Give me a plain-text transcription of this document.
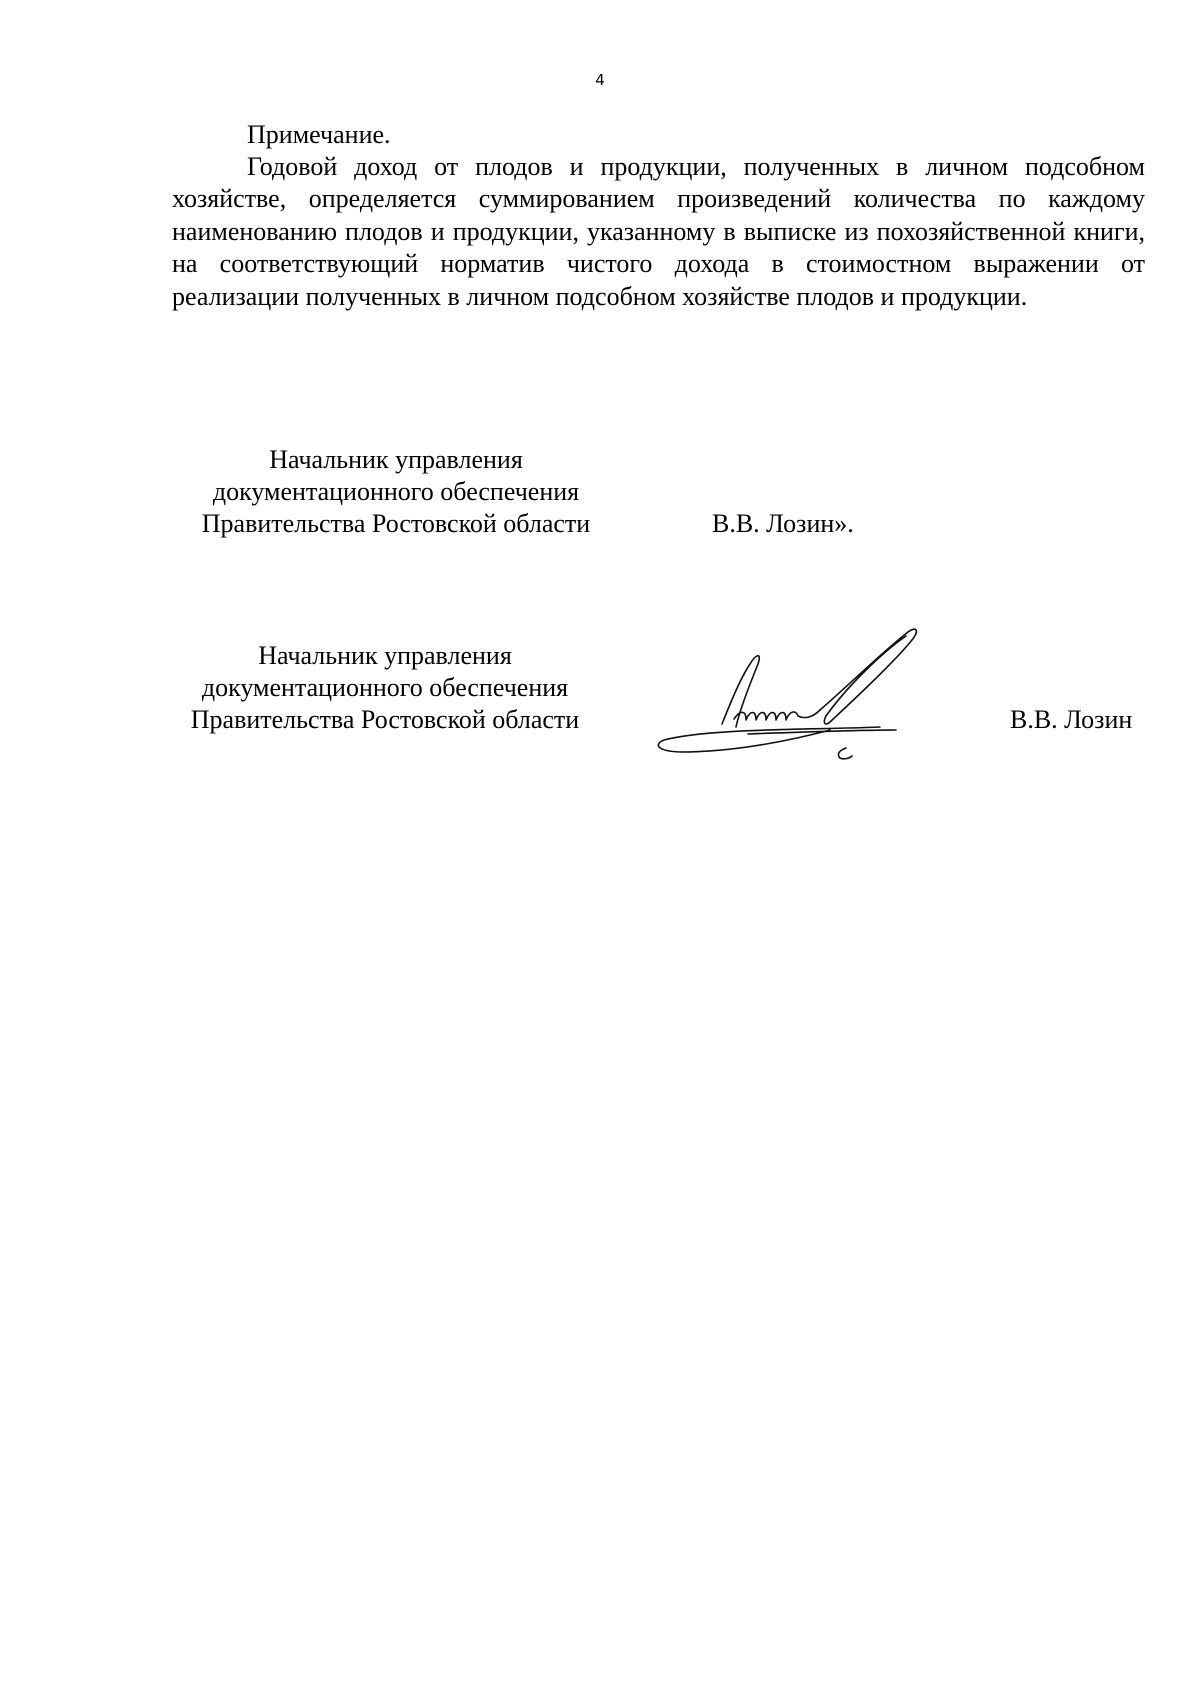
4
Примечание.

Годовой доход от плодов и продукции, полученных в личном подсобном хозяйстве, определяется суммированием произведений количества по каждому наименованию плодов и продукции, указанному в выписке из похозяйственной книги, на соответствующий норматив чистого дохода в стоимостном выражении от реализации полученных в личном подсобном хозяйстве плодов и продукции.

Начальник управления
документационного обеспечения
Правительства Ростовской области	В.В. Лозин».
Начальник управления
документационного обеспечения
Правительства Ростовской области	В.В. Лозин
